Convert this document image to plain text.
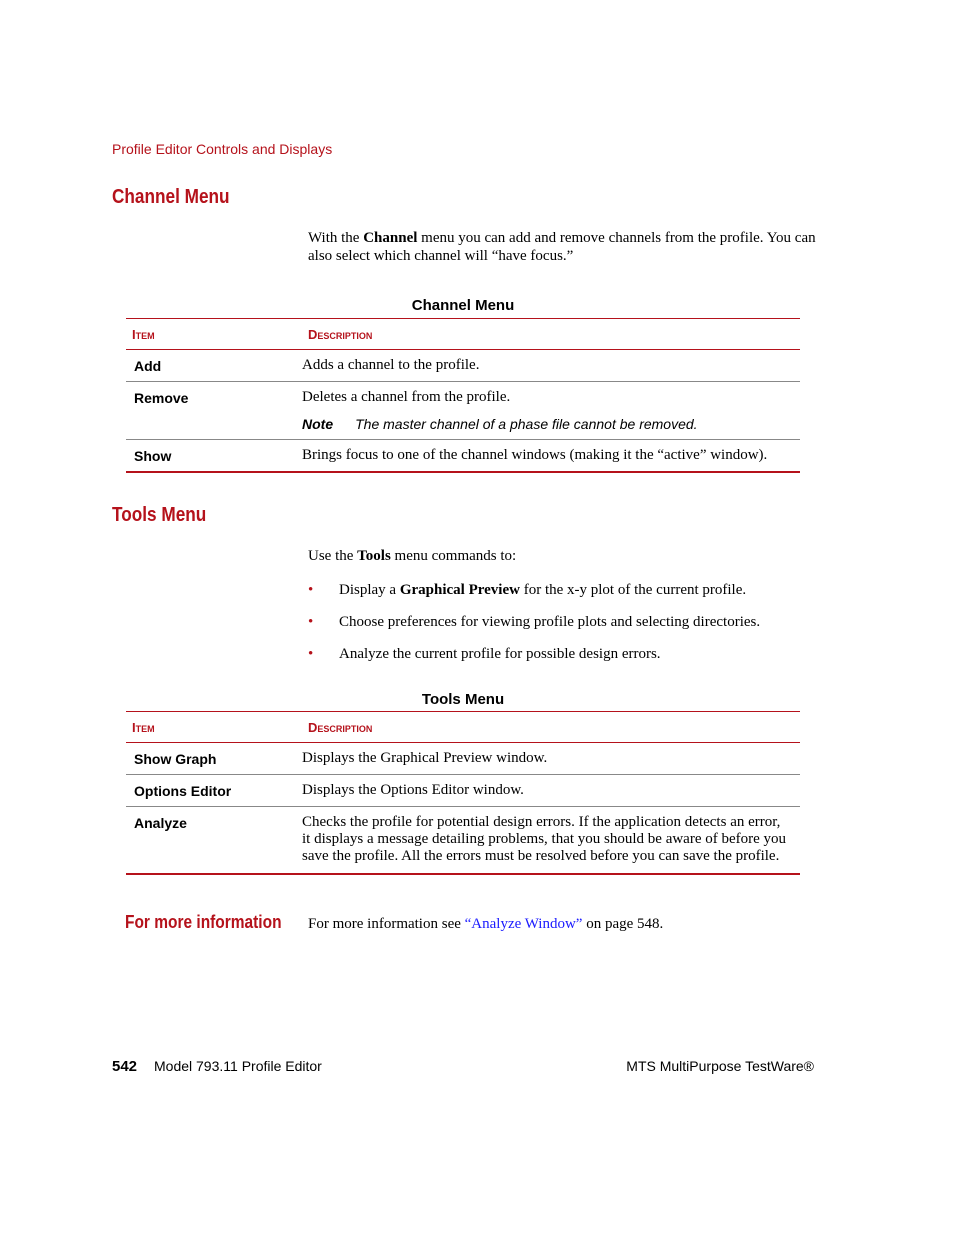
Profile Editor Controls and Displays
Channel Menu
With the Channel menu you can add and remove channels from the profile. You can also select which channel will “have focus.”
Channel Menu
Item	Description
Add	Adds a channel to the profile.
Remove	Deletes a channel from the profile.
Note The master channel of a phase file cannot be removed.

Show	Brings focus to one of the channel windows (making it the “active” window).
Tools Menu
Use the Tools menu commands to:
• Display a Graphical Preview for the x-y plot of the current profile.
• Choose preferences for viewing profile plots and selecting directories.
• Analyze the current profile for possible design errors.
Tools Menu
Item	Description
Show Graph	Displays the Graphical Preview window.
Options Editor	Displays the Options Editor window.
Analyze	Checks the profile for potential design errors. If the application detects an error, it displays a message detailing problems, that you should be aware of before you save the profile. All the errors must be resolved before you can save the profile.
For more information For more information see “Analyze Window” on page 548.
542 Model 793.11 Profile Editor	MTS MultiPurpose TestWare®
